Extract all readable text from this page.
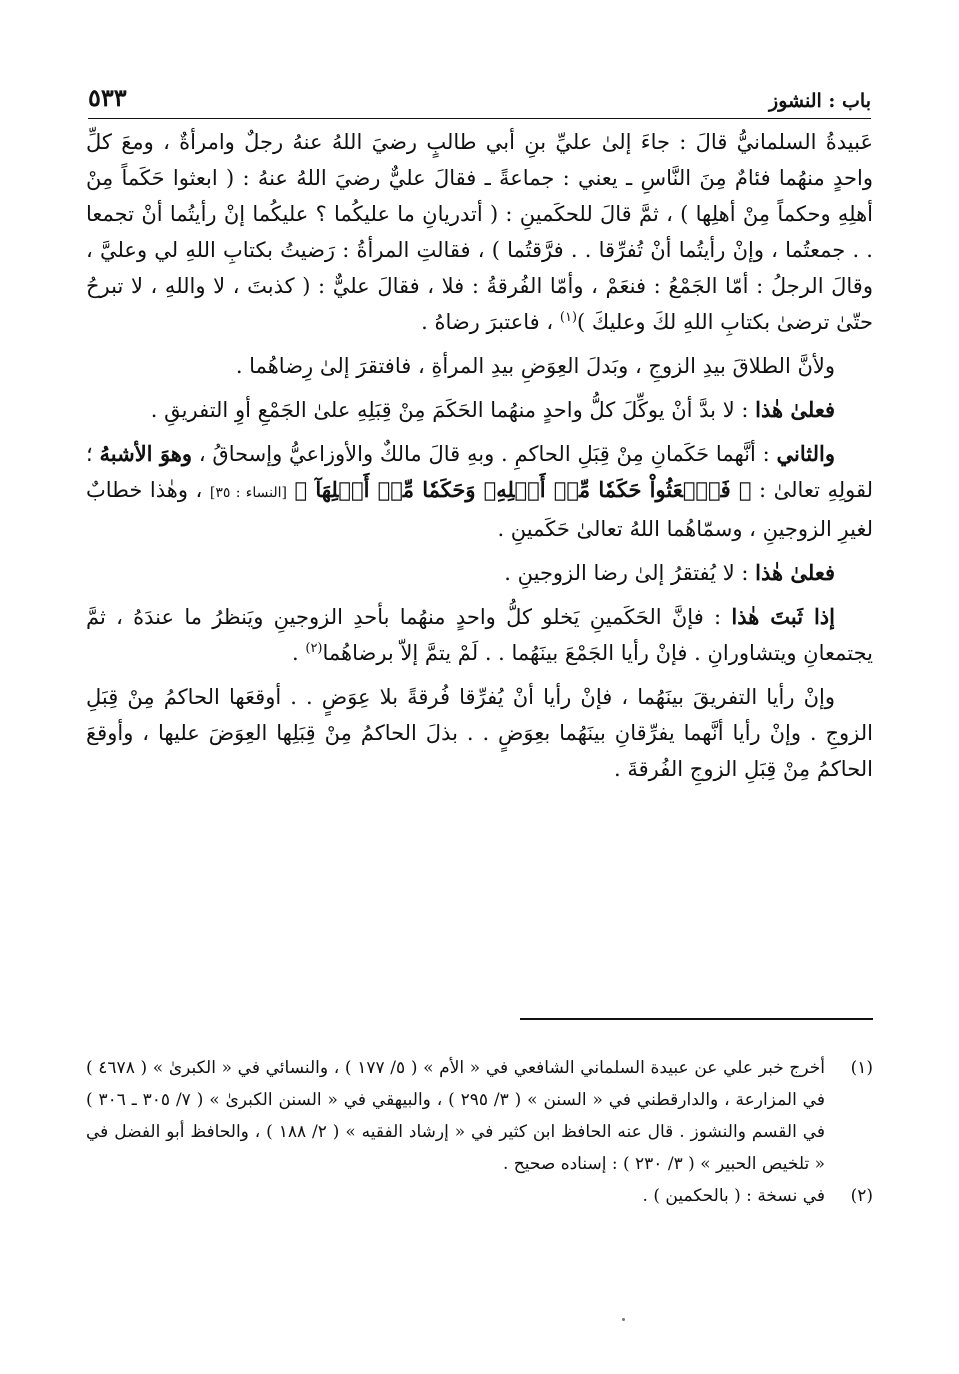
باب : النشوز
٥٣٣

عَبيدةُ السلمانيُّ قالَ : جاءَ إلىٰ عليِّ بنِ أبي طالبٍ رضيَ اللهُ عنهُ رجلٌ وامرأةٌ ، ومعَ كلِّ واحدٍ منهُما فئامٌ مِنَ النَّاسِ ـ يعني : جماعةً ـ فقالَ عليٌّ رضيَ اللهُ عنهُ : ( ابعثوا حَكَماً مِنْ أهلِهِ وحكماً مِنْ أهلِها ) ، ثمَّ قالَ للحكَمينِ : ( أتدريانِ ما عليكُما ؟ عليكُما إنْ رأيتُما أنْ تجمعا . . جمعتُما ، وإنْ رأيتُما أنْ تُفرِّقا . . فرَّقتُما ) ، فقالتِ المرأةُ : رَضيتُ بكتابِ اللهِ لي وعليَّ ، وقالَ الرجلُ : أمّا الجَمْعُ : فنعَمْ ، وأمّا الفُرقةُ : فلا ، فقالَ عليٌّ : ( كذبتَ ، لا واللهِ ، لا تبرحُ حتّىٰ ترضىٰ بكتابِ اللهِ لكَ وعليكَ )$^{(١)}$ ، فاعتبرَ رضاهُ .

ولأنَّ الطلاقَ بيدِ الزوجِ ، وبَدلَ العِوَضِ بيدِ المرأةِ ، فافتقرَ إلىٰ رِضاهُما .

فعلىٰ هٰذا : لا بدَّ أنْ يوكِّلَ كلُّ واحدٍ منهُما الحَكَمَ مِنْ قِبَلِهِ علىٰ الجَمْعِ أوِ التفريقِ .

والثاني : أنَّهما حَكَمانِ مِنْ قِبَلِ الحاكمِ . وبهِ قالَ مالكٌ والأوزاعيُّ وإسحاقُ ، وهوَ الأشبهُ ؛ لقولِهِ تعالىٰ : ﴿ فَٱبۡعَثُواْ حَكَمٗا مِّنۡ أَهۡلِهِۦ وَحَكَمٗا مِّنۡ أَهۡلِهَآ ﴾ [النساء : ٣٥] ، وهٰذا خطابٌ لغيرِ الزوجينِ ، وسمّاهُما اللهُ تعالىٰ حَكَمينِ .

فعلىٰ هٰذا : لا يُفتقرُ إلىٰ رضا الزوجينِ .

إذا ثَبتَ هٰذا : فإنَّ الحَكَمينِ يَخلو كلُّ واحدٍ منهُما بأحدِ الزوجينِ ويَنظرُ ما عندَهُ ، ثمَّ يجتمعانِ ويتشاورانِ . فإنْ رأيا الجَمْعَ بينَهُما . . لَمْ يتمَّ إلاّ برضاهُما$^{(٢)}$ .

وإنْ رأيا التفريقَ بينَهُما ، فإنْ رأيا أنْ يُفرِّقا فُرقةً بلا عِوَضٍ . . أوقعَها الحاكمُ مِنْ قِبَلِ الزوجِ . وإنْ رأيا أنَّهما يفرِّقانِ بينَهُما بعِوَضٍ . . بذلَ الحاكمُ مِنْ قِبَلِها العِوَضَ عليها ، وأوقعَ الحاكمُ مِنْ قِبَلِ الزوجِ الفُرقةَ .

(١)
أخرج خبر علي عن عبيدة السلماني الشافعي في « الأم » ( ٥/ ١٧٧ ) ، والنسائي في « الكبرىٰ » ( ٤٦٧٨ ) في المزارعة ، والدارقطني في « السنن » ( ٣/ ٢٩٥ ) ، والبيهقي في « السنن الكبرىٰ » ( ٧/ ٣٠٥ ـ ٣٠٦ ) في القسم والنشوز . قال عنه الحافظ ابن كثير في « إرشاد الفقيه » ( ٢/ ١٨٨ ) ، والحافظ أبو الفضل في « تلخيص الحبير » ( ٣/ ٢٣٠ ) : إسناده صحيح .
(٢)
في نسخة : ( بالحكمين ) .
